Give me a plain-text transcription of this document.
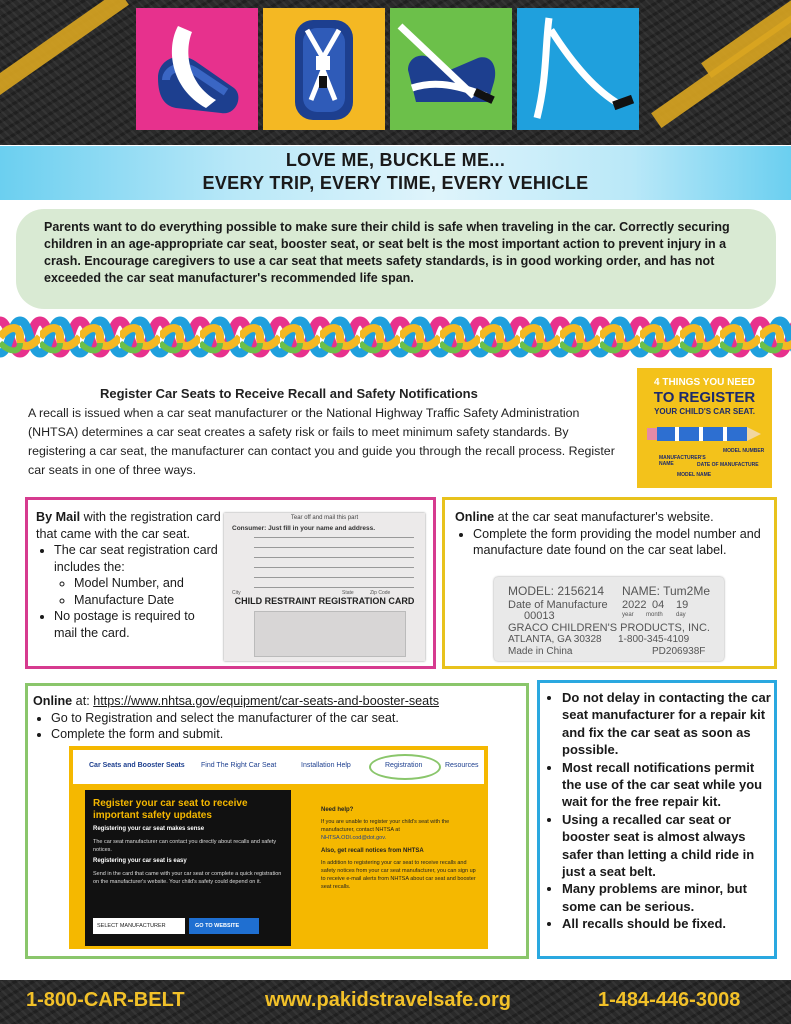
LOVE ME, BUCKLE ME...
EVERY TRIP, EVERY TIME, EVERY VEHICLE

Parents want to do everything possible to make sure their child is safe when traveling in the car. Correctly securing children in an age-appropriate car seat, booster seat, or seat belt is the most important action to prevent injury in a crash. Encourage caregivers to use a car seat that meets safety standards, is in good working order, and has not exceeded the car seat manufacturer's recommended life span.

Register Car Seats to Receive Recall and Safety Notifications

A recall is issued when a car seat manufacturer or the National Highway Traffic Safety Administration (NHTSA) determines a car seat creates a safety risk or fails to meet minimum safety standards. By registering a car seat, the manufacturer can contact you and guide you through the recall process. Register car seats in one of three ways.

4 THINGS YOU NEED
TO REGISTER
YOUR CHILD'S CAR SEAT.
MODEL NUMBER
MANUFACTURER'S NAME	DATE OF MANUFACTURE
MODEL NAME
By Mail with the registration card that came with the car seat.
• The car seat registration card includes the:
◦ Model Number, and
◦ Manufacture Date
• No postage is required to mail the card.
Tear off and mail this part
Consumer: Just fill in your name and address.
City	State	Zip Code
CHILD RESTRAINT REGISTRATION CARD
Online at the car seat manufacturer's website.
• Complete the form providing the model number and manufacture date found on the car seat label.
MODEL: 2156214 NAME: Tum2Me
Date of Manufacture 2022 04 19
year month day
00013
GRACO CHILDREN'S PRODUCTS, INC.
ATLANTA, GA 30328 1-800-345-4109
Made in China	PD206938F
Online at: https://www.nhtsa.gov/equipment/car-seats-and-booster-seats
• Go to Registration and select the manufacturer of the car seat.
• Complete the form and submit.
Car Seats and Booster Seats Find The Right Car Seat	Installation Help	Registration	Resources
Register your car seat to receive important safety updates
Registering your car seat makes sense
The car seat manufacturer can contact you directly about recalls and safety notices.
Registering your car seat is easy
Send in the card that came with your car seat or complete a quick registration on the manufacturer's website. Your child's safety could depend on it.
SELECT MANUFACTURER	GO TO WEBSITE
Need help?
If you are unable to register your child's seat with the manufacturer, contact NHTSA at
NHTSA.ODI.cod@dot.gov.
Also, get recall notices from NHTSA
In addition to registering your car seat to receive recalls and safety notices from your car seat manufacturer, you can sign up to receive e-mail alerts from NHTSA about car seat and booster seat recalls.
• Do not delay in contacting the car seat manufacturer for a repair kit and fix the car seat as soon as possible.
• Most recall notifications permit the use of the car seat while you wait for the free repair kit.
• Using a recalled car seat or booster seat is almost always safer than letting a child ride in just a seat belt.
• Many problems are minor, but some can be serious.
• All recalls should be fixed.
1-800-CAR-BELT	www.pakidstravelsafe.org	1-484-446-3008
